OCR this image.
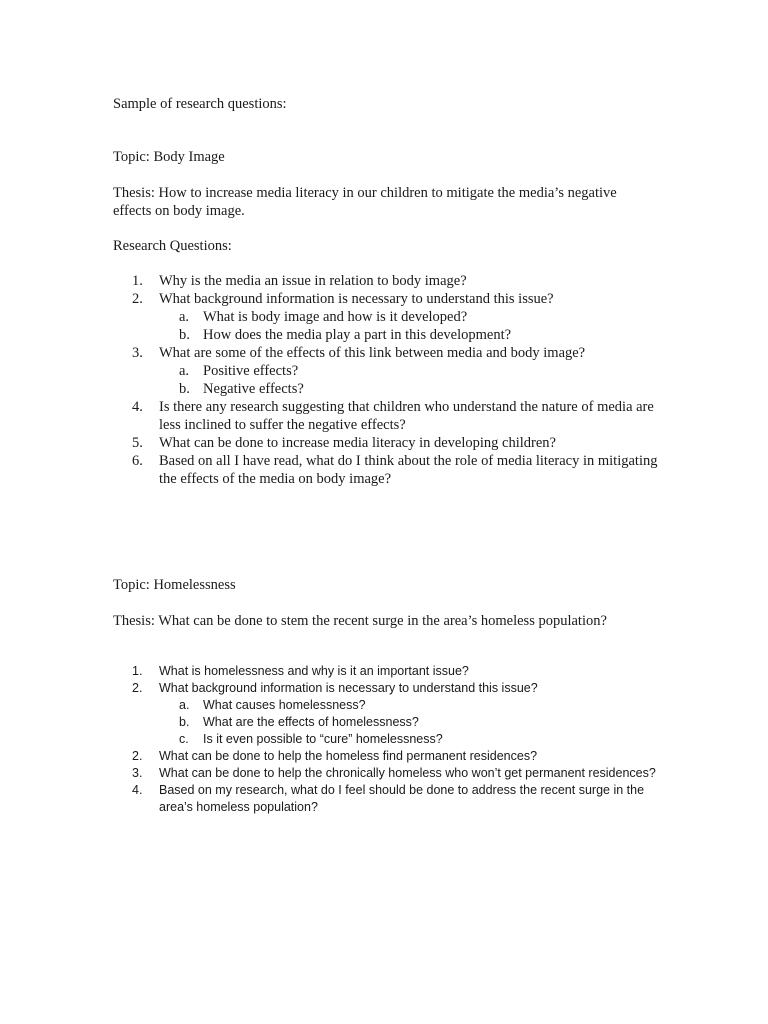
Sample of research questions:

Topic: Body Image

Thesis: How to increase media literacy in our children to mitigate the media’s negative effects on body image.

Research Questions:

1. Why is the media an issue in relation to body image?
2. What background information is necessary to understand this issue?
a. What is body image and how is it developed?
b. How does the media play a part in this development?
3. What are some of the effects of this link between media and body image?
a. Positive effects?
b. Negative effects?
4. Is there any research suggesting that children who understand the nature of media are less inclined to suffer the negative effects?
5. What can be done to increase media literacy in developing children?
6. Based on all I have read, what do I think about the role of media literacy in mitigating the effects of the media on body image?

Topic: Homelessness

Thesis: What can be done to stem the recent surge in the area’s homeless population?

1. What is homelessness and why is it an important issue?
2. What background information is necessary to understand this issue?
a. What causes homelessness?
b. What are the effects of homelessness?
c. Is it even possible to “cure” homelessness?
2. What can be done to help the homeless find permanent residences?
3. What can be done to help the chronically homeless who won’t get permanent residences?
4. Based on my research, what do I feel should be done to address the recent surge in the area’s homeless population?
